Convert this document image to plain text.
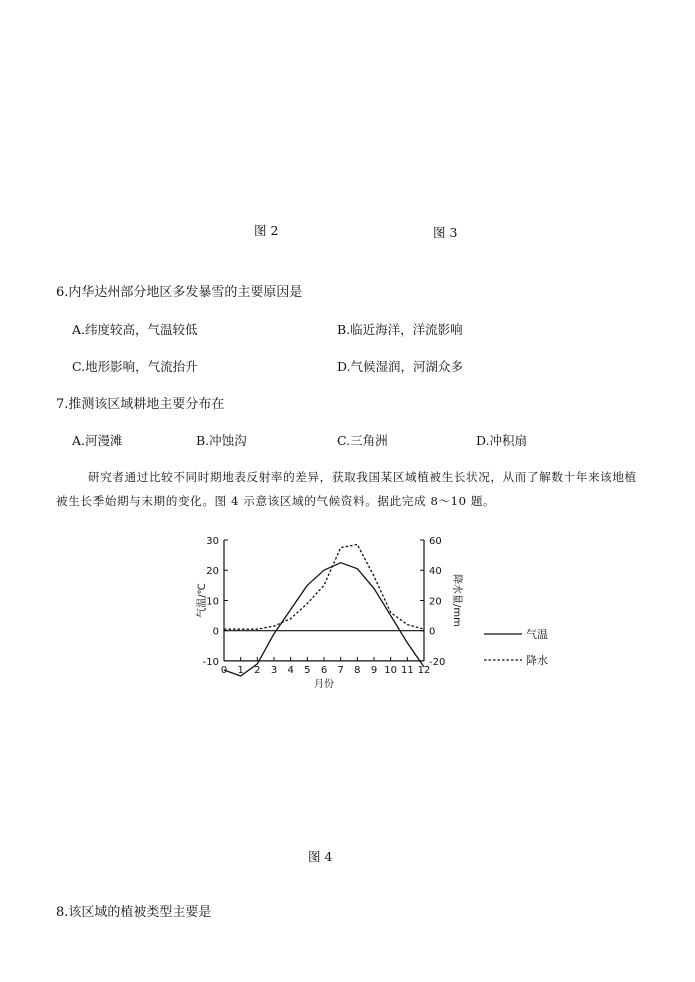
图 2	图 3
6.内华达州部分地区多发暴雪的主要原因是
A.纬度较高，气温较低	B.临近海洋，洋流影响
C.地形影响，气流抬升	D.气候湿润，河湖众多
7.推测该区域耕地主要分布在
A.河漫滩	B.冲蚀沟	C.三角洲	D.冲积扇
研究者通过比较不同时期地表反射率的差异，获取我国某区域植被生长状况，从而了解数十年来该地植被生长季始期与末期的变化。图 4 示意该区域的气候资料。据此完成 8～10 题。
0 1 2 3 4 5 6 7 8 9 10 11 12
-10
0
10
20
30
-20
0
20
40
60
月份
气温/℃	降水量/mm
气温
降水
图 4
8.该区域的植被类型主要是
